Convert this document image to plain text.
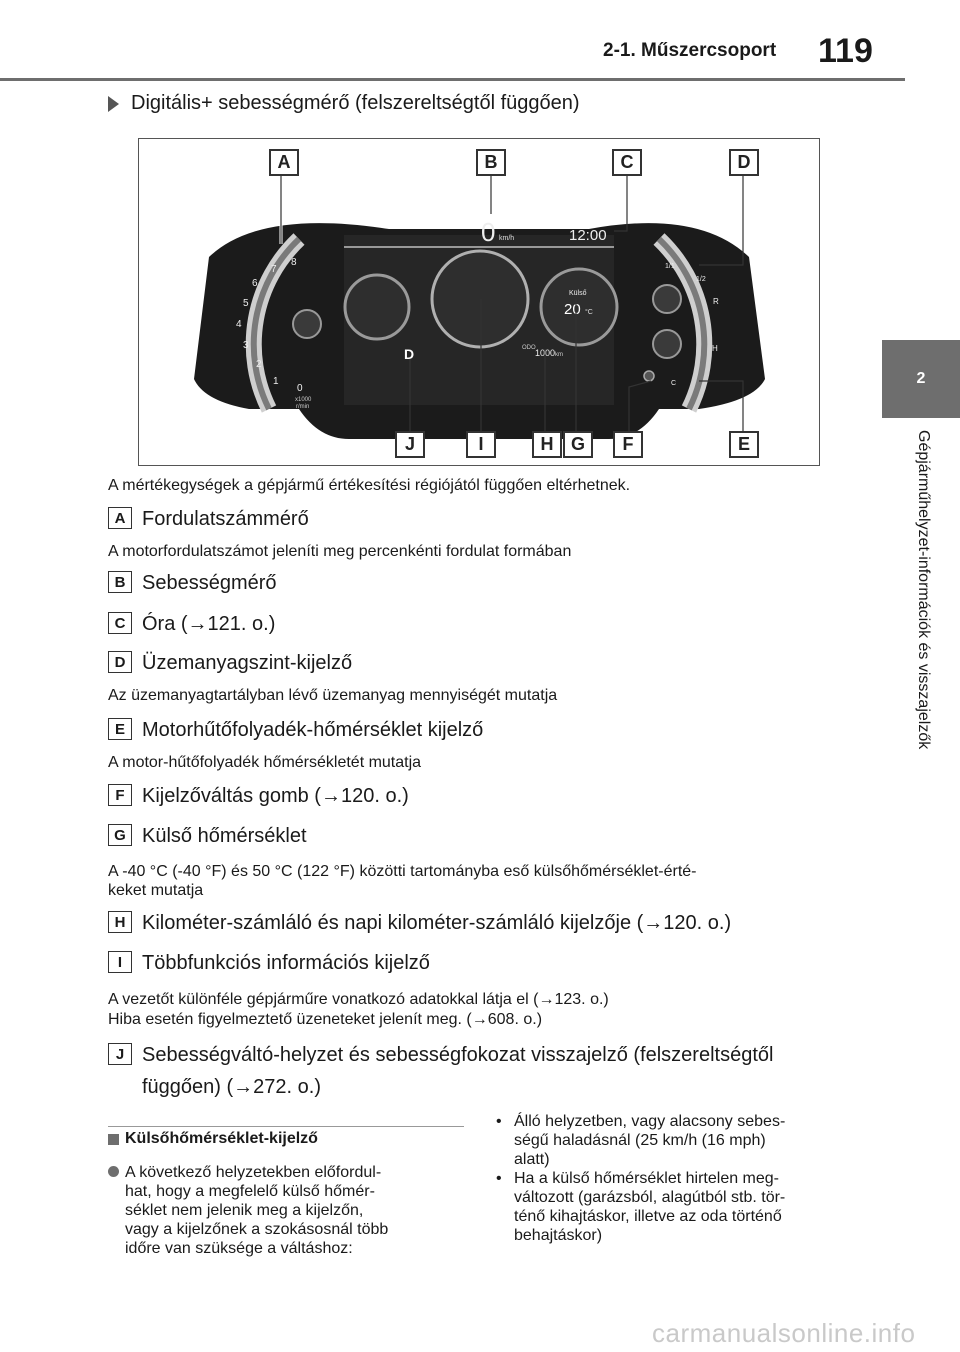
2-1. Műszercsoport 119
2
Gépjárműhelyzet-információk és visszajelzők
Digitális+ sebességmérő (felszereltségtől függően)
0 km/h	12:00
Külső
20 °C
ODO 1000 km
D
1
2
3
4
5
6
7
8
0
x1000
r/min
1/1
1/2
R
H
C
A	B	C	D
J	I	H G	F	E
A mértékegységek a gépjármű értékesítési régiójától függően eltérhetnek.
A Fordulatszámmérő
A motorfordulatszámot jeleníti meg percenkénti fordulat formában
B Sebességmérő
C Óra (→121. o.)
D Üzemanyagszint-kijelző
Az üzemanyagtartályban lévő üzemanyag mennyiségét mutatja
E Motorhűtőfolyadék-hőmérséklet kijelző
A motor-hűtőfolyadék hőmérsékletét mutatja
F Kijelzőváltás gomb (→120. o.)
G Külső hőmérséklet
A -40 °C (-40 °F) és 50 °C (122 °F) közötti tartományba eső külsőhőmérséklet-érté-
keket mutatja
H Kilométer-számláló és napi kilométer-számláló kijelzője (→120. o.)
I Többfunkciós információs kijelző
A vezetőt különféle gépjárműre vonatkozó adatokkal látja el (→123. o.)
Hiba esetén figyelmeztető üzeneteket jelenít meg. (→608. o.)
J Sebességváltó-helyzet és sebességfokozat visszajelző (felszereltségtől
függően) (→272. o.)
Külsőhőmérséklet-kijelző
A következő helyzetekben előfordul-
hat, hogy a megfelelő külső hőmér-
séklet nem jelenik meg a kijelzőn,
vagy a kijelzőnek a szokásosnál több
időre van szüksége a váltáshoz:
• Álló helyzetben, vagy alacsony sebes-
ségű haladásnál (25 km/h (16 mph)
alatt)
• Ha a külső hőmérséklet hirtelen meg-
változott (garázsból, alagútból stb. tör-
ténő kihajtáskor, illetve az oda történő
behajtáskor)
carmanualsonline.info
